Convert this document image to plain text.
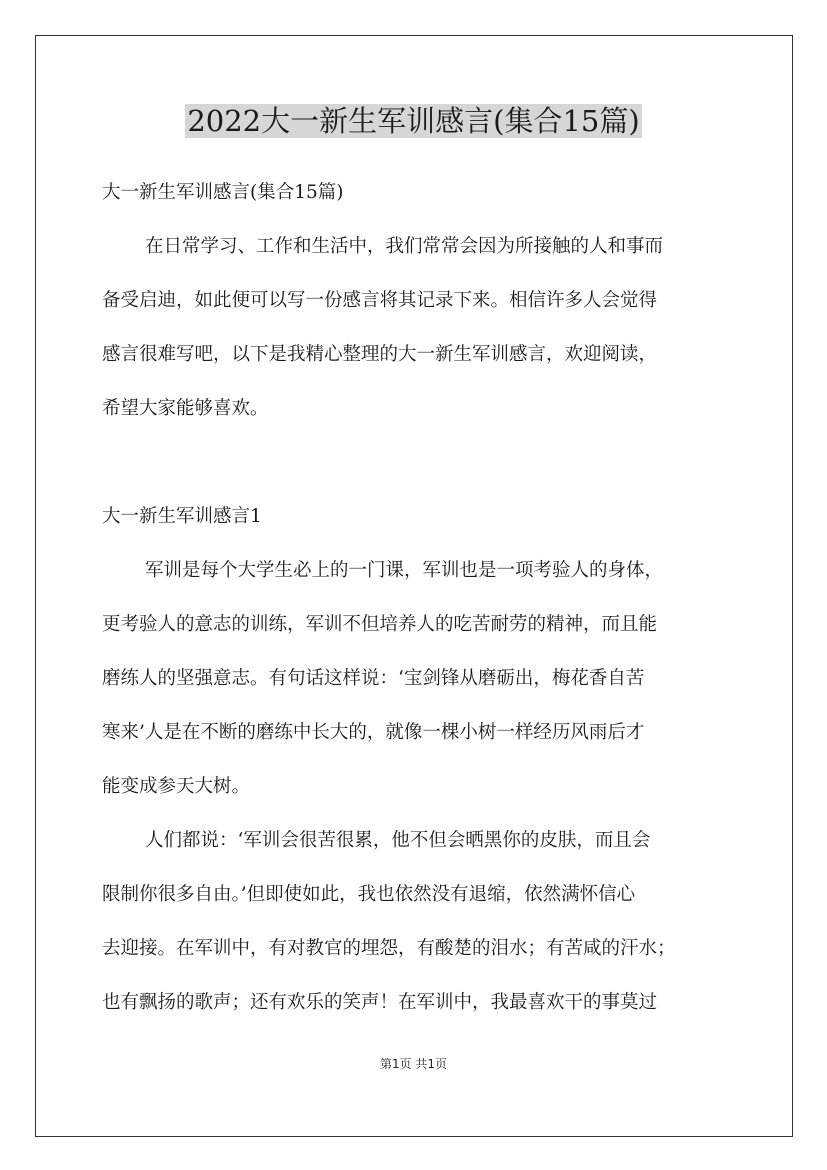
2022大一新生军训感言(集合15篇)
大一新生军训感言(集合15篇)
在日常学习、工作和生活中，我们常常会因为所接触的人和事而
备受启迪，如此便可以写一份感言将其记录下来。相信许多人会觉得
感言很难写吧，以下是我精心整理的大一新生军训感言，欢迎阅读，
希望大家能够喜欢。
大一新生军训感言1
军训是每个大学生必上的一门课，军训也是一项考验人的身体，
更考验人的意志的训练，军训不但培养人的吃苦耐劳的精神，而且能
磨练人的坚强意志。有句话这样说：‘宝剑锋从磨砺出，梅花香自苦
寒来’人是在不断的磨练中长大的，就像一棵小树一样经历风雨后才
能变成参天大树。
人们都说：‘军训会很苦很累，他不但会晒黑你的皮肤，而且会
限制你很多自由。’但即使如此，我也依然没有退缩，依然满怀信心
去迎接。在军训中，有对教官的埋怨，有酸楚的泪水；有苦咸的汗水；
也有飘扬的歌声；还有欢乐的笑声！在军训中，我最喜欢干的事莫过
第1页 共1页
